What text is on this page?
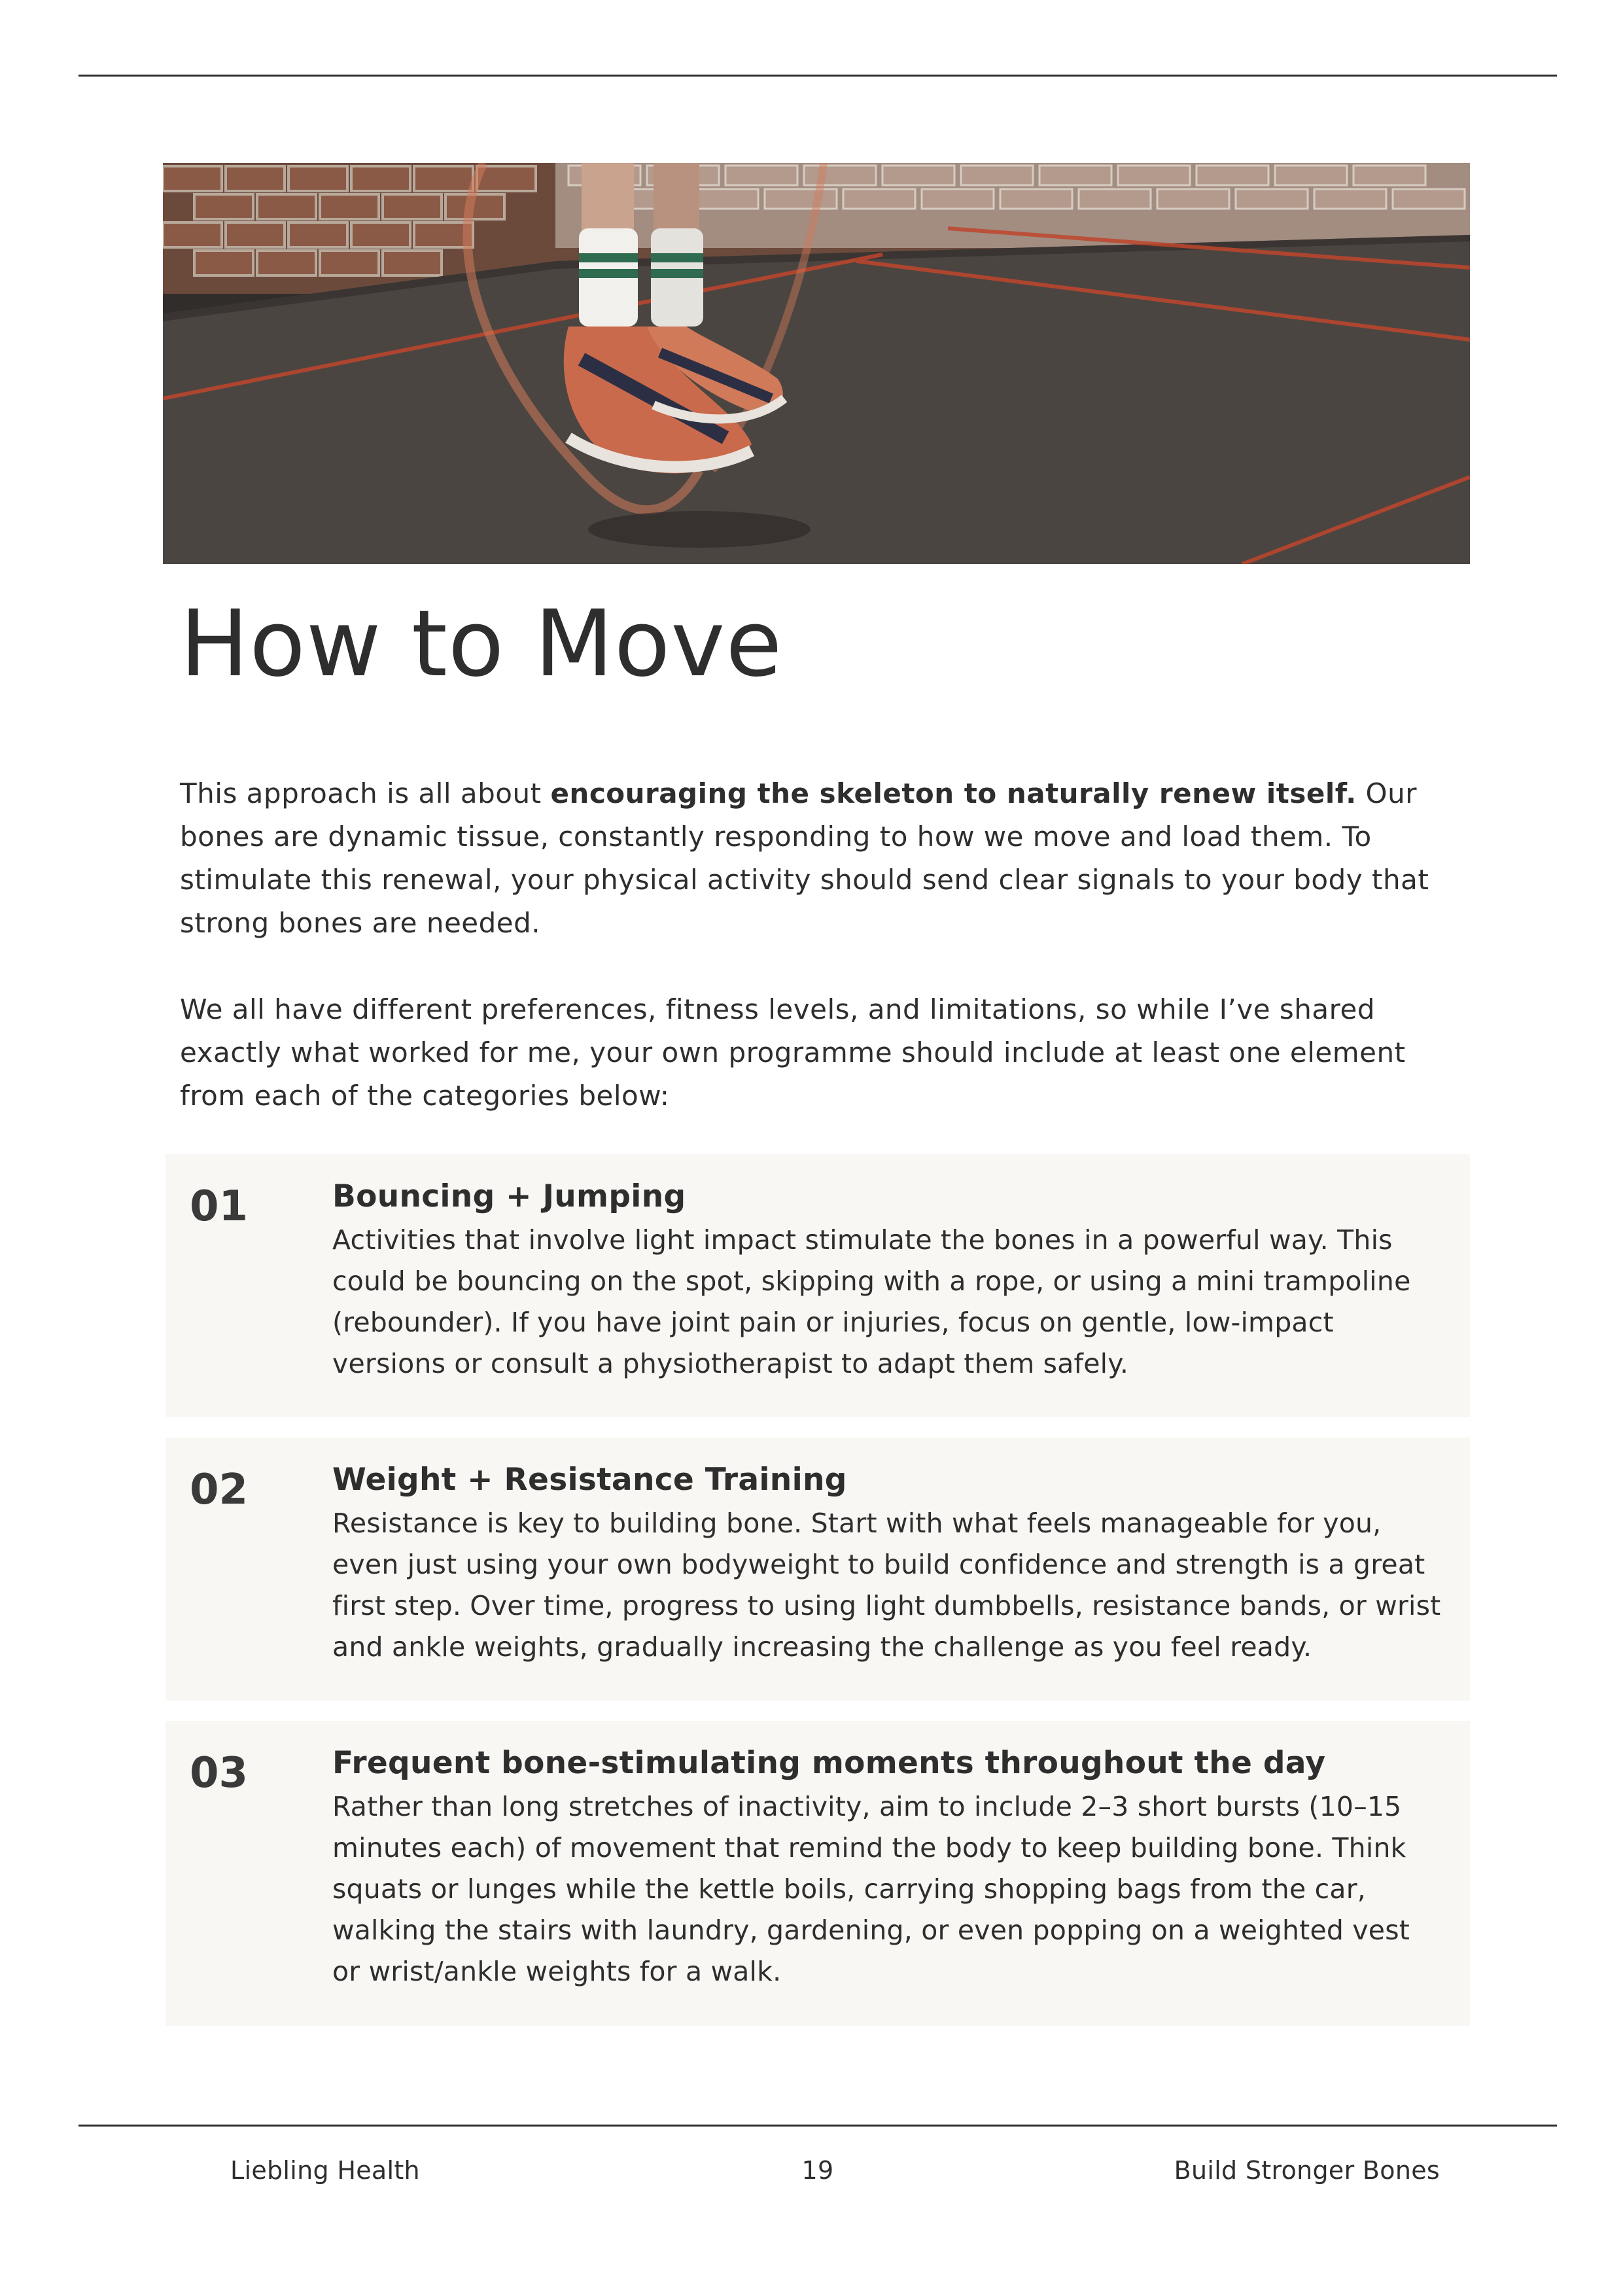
How to Move

This approach is all about encouraging the skeleton to naturally renew itself. Our bones are dynamic tissue, constantly responding to how we move and load them. To stimulate this renewal, your physical activity should send clear signals to your body that strong bones are needed.

We all have different preferences, fitness levels, and limitations, so while I’ve shared exactly what worked for me, your own programme should include at least one element from each of the categories below:

01	Bouncing + Jumping

Activities that involve light impact stimulate the bones in a powerful way. This could be bouncing on the spot, skipping with a rope, or using a mini trampoline (rebounder). If you have joint pain or injuries, focus on gentle, low-impact versions or consult a physiotherapist to adapt them safely.

02	Weight + Resistance Training

Resistance is key to building bone. Start with what feels manageable for you, even just using your own bodyweight to build confidence and strength is a great first step. Over time, progress to using light dumbbells, resistance bands, or wrist and ankle weights, gradually increasing the challenge as you feel ready.

03	Frequent bone-stimulating moments throughout the day

Rather than long stretches of inactivity, aim to include 2–3 short bursts (10–15 minutes each) of movement that remind the body to keep building bone. Think squats or lunges while the kettle boils, carrying shopping bags from the car, walking the stairs with laundry, gardening, or even popping on a weighted vest or wrist/ankle weights for a walk.

Liebling Health	19	Build Stronger Bones
